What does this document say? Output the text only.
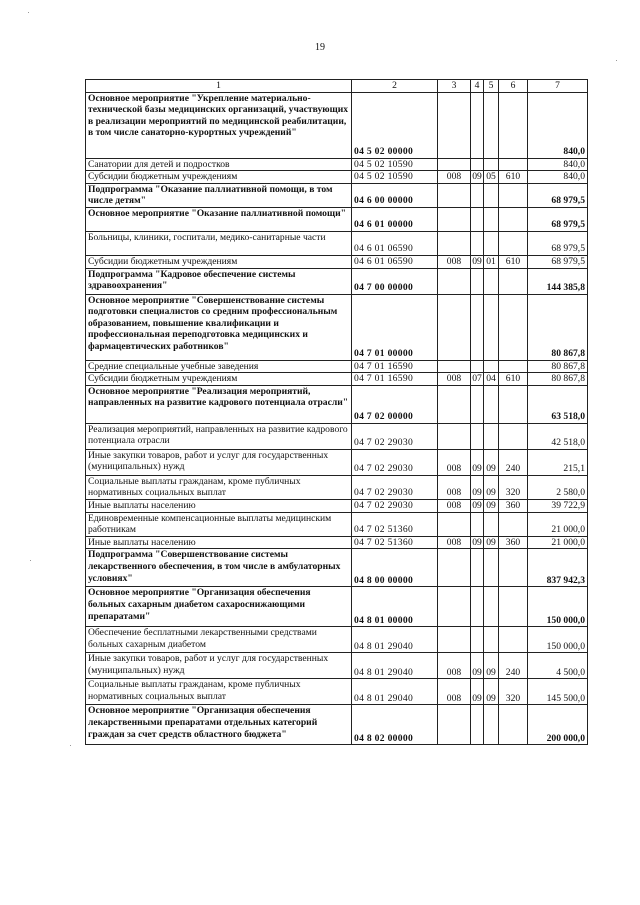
19
1	2	3	4	5	6	7
Основное мероприятие "Укрепление материально-технической базы медицинских организаций, участвующих в реализации мероприятий по медицинской реабилитации, в том числе санаторно-курортных учреждений"	04 5 02 00000					840,0
Санатории для детей и подростков	04 5 02 10590					840,0
Субсидии бюджетным учреждениям	04 5 02 10590	008	09	05	610	840,0
Подпрограмма "Оказание паллиативной помощи, в том числе детям"	04 6 00 00000					68 979,5
Основное мероприятие "Оказание паллиативной помощи"	04 6 01 00000					68 979,5
Больницы, клиники, госпитали, медико-санитарные части	04 6 01 06590					68 979,5
Субсидии бюджетным учреждениям	04 6 01 06590	008	09	01	610	68 979,5
Подпрограмма "Кадровое обеспечение системы здравоохранения"	04 7 00 00000					144 385,8
Основное мероприятие "Совершенствование системы подготовки специалистов со средним профессиональным образованием, повышение квалификации и профессиональная переподготовка медицинских и фармацевтических работников"	04 7 01 00000					80 867,8
Средние специальные учебные заведения	04 7 01 16590					80 867,8
Субсидии бюджетным учреждениям	04 7 01 16590	008	07	04	610	80 867,8
Основное мероприятие "Реализация мероприятий, направленных на развитие кадрового потенциала отрасли"	04 7 02 00000					63 518,0
Реализация мероприятий, направленных на развитие кадрового потенциала отрасли	04 7 02 29030					42 518,0
Иные закупки товаров, работ и услуг для государственных (муниципальных) нужд	04 7 02 29030	008	09	09	240	215,1
Социальные выплаты гражданам, кроме публичных нормативных социальных выплат	04 7 02 29030	008	09	09	320	2 580,0
Иные выплаты населению	04 7 02 29030	008	09	09	360	39 722,9
Единовременные компенсационные выплаты медицинским работникам	04 7 02 51360					21 000,0
Иные выплаты населению	04 7 02 51360	008	09	09	360	21 000,0
Подпрограмма "Совершенствование системы лекарственного обеспечения, в том числе в амбулаторных условиях"	04 8 00 00000					837 942,3
Основное мероприятие "Организация обеспечения больных сахарным диабетом сахароснижающими препаратами"	04 8 01 00000					150 000,0
Обеспечение бесплатными лекарственными средствами больных сахарным диабетом	04 8 01 29040					150 000,0
Иные закупки товаров, работ и услуг для государственных (муниципальных) нужд	04 8 01 29040	008	09	09	240	4 500,0
Социальные выплаты гражданам, кроме публичных нормативных социальных выплат	04 8 01 29040	008	09	09	320	145 500,0
Основное мероприятие "Организация обеспечения лекарственными препаратами отдельных категорий граждан за счет средств областного бюджета"	04 8 02 00000					200 000,0
